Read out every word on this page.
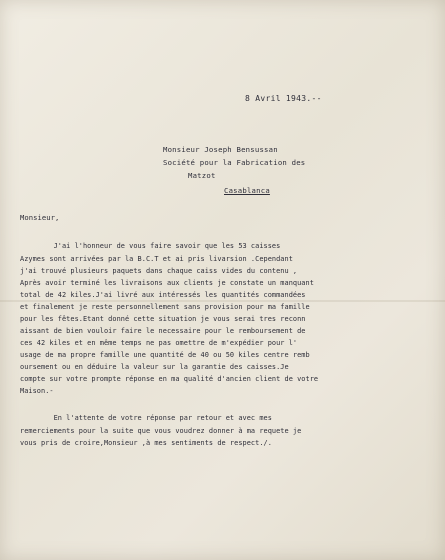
8 Avril 1943.--
Monsieur Joseph Bensussan
Société pour la Fabrication des
Matzot
Casablanca
Monsieur,
J'ai l'honneur de vous faire savoir que les 53 caisses
Azymes sont arrivées par la B.C.T et ai pris livarsion .Cependant
j'ai trouvé plusieurs paquets dans chaque caiss vides du contenu ,
Après avoir terminé les livraisons aux clients je constate un manquant
total de 42 kiles.J'ai livré aux intéressés les quantités commandées
et finalement je reste personnellement sans provision pour ma famille
pour les fêtes.Etant donné cette situation je vous serai tres reconn
aissant de bien vouloir faire le necessaire pour le remboursement de
ces 42 kiles et en même temps ne pas omettre de m'expédier pour l'
usage de ma propre famille une quantité de 40 ou 50 kiles centre remb
oursement ou en déduire la valeur sur la garantie des caisses.Je
compte sur votre prompte réponse en ma qualité d'ancien client de votre
Maison.-
En l'attente de votre réponse par retour et avec mes
remerciements pour la suite que vous voudrez donner à ma requete je
vous pris de croire,Monsieur ,à mes sentiments de respect./.
